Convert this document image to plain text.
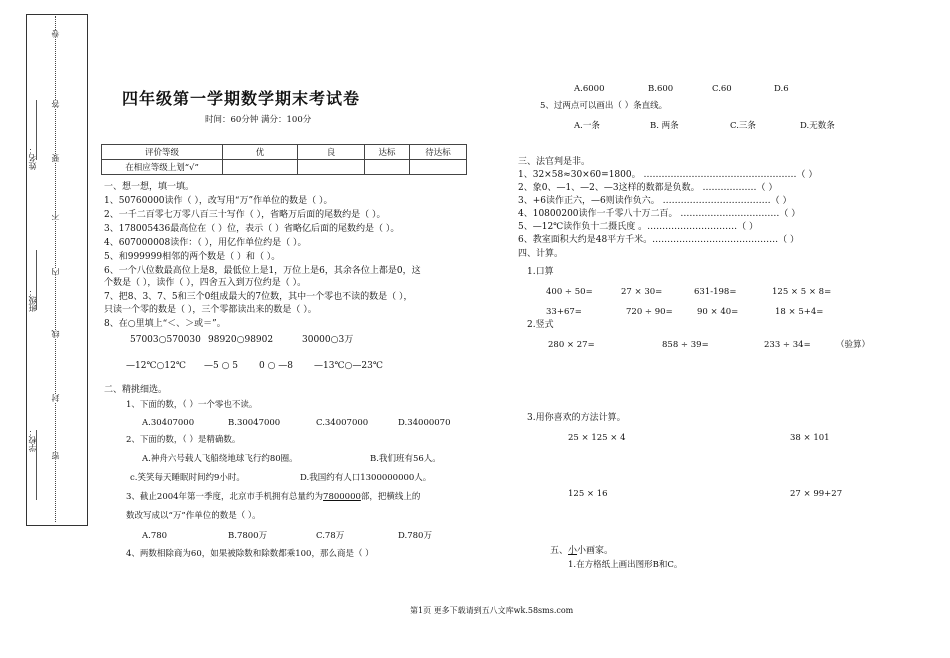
学校：
班级：
姓名：
密
封
线
内
不
要
答
卷
四年级第一学期数学期末考试卷
时间：60分钟 满分：100分
评价等级	优	良	达标	待达标
在相应等级上划“√”				
一、想一想，填一填。
1、50760000读作（ ），改写用“万”作单位的数是（ ）。
2、一千二百零七万零八百三十写作（ ），省略万后面的尾数约是（ ）。
3、178005436最高位在（ ）位，表示（ ）省略亿后面的尾数约是（ ）。
4、607000008读作：（ ），用亿作单位约是（ ）。
5、和999999相邻的两个数是（ ）和（ ）。
6、一个八位数最高位上是8，最低位上是1，万位上是6，其余各位上都是0，这
个数是（ ），读作（ ），四舍五入到万位约是（ ）。
7、把8、3、7、5和三个0组成最大的7位数，其中一个零也不读的数是（ ），
只读一个零的数是（ ），三个零都读出来的数是（ ）。
8、在○里填上“＜、＞或＝”。
57003○570030 98920○98902	30000○3万
—12℃○12℃ —5 ○ 5 0 ○ —8 —13℃○—23℃
二、精挑细选。
1、下面的数，（ ）一个零也不读。
A.30407000	B.30047000	C.34007000	D.34000070
2、下面的数，（ ）是精确数。
A.神舟六号载人飞船绕地球飞行约80圈。	B.我们班有56人。
c.笑笑每天睡眠时间约9小时。	D.我国约有人口1300000000人。
3、截止2004年第一季度，北京市手机拥有总量约为7800000部，把横线上的
数改写成以“万”作单位的数是（ ）。
A.780	B.7800万	C.78万	D.780万
4、两数相除商为60，如果被除数和除数都乘100，那么商是（ ）
A.6000	B.600	C.60	D.6
5、过两点可以画出（ ）条直线。
A.一条	B. 两条	C.三条	D.无数条
三、法官判是非。
1、32×58≈30×60=1800。 ……………………………………………（ ）
2、象0、—1、—2、—3这样的数都是负数。 ………………（ ）
3、+6读作正六，—6则读作负六。 ………………………………（ ）
4、10800200读作一千零八十万二百。 ……………………………（ ）
5、—12℃读作负十二摄氏度 。…………………………（ ）
6、教室面积大约是48平方千米。……………………………………（ ）
四、计算。
1.口算
400 ÷ 50=	27 × 30=	631-198=	125 × 5 × 8=
33+67=	720 ÷ 90=	90 × 40=	18 × 5+4=
2.竖式
280 × 27=	858 ÷ 39=	233 ÷ 34=	（验算）
3.用你喜欢的方法计算。
25 × 125 × 4	38 × 101
125 × 16	27 × 99+27
五、小小画家。
1.在方格纸上画出图形B和C。
第1页 更多下载请到五八文库wk.58sms.com
